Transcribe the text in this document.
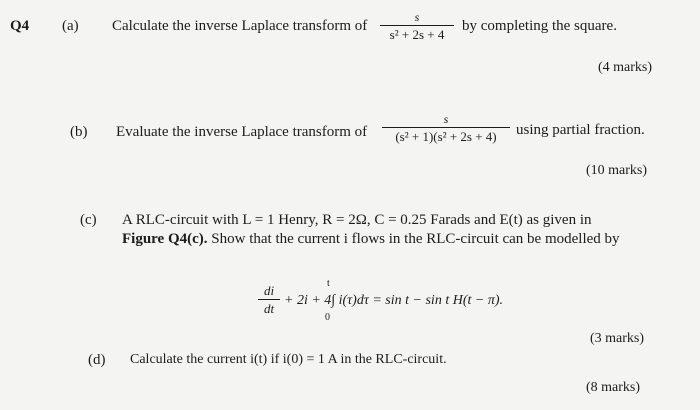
Q4 (a) Calculate the inverse Laplace transform of
s
s² + 2s + 4
by completing the square.
(4 marks)
(b) Evaluate the inverse Laplace transform of
s
(s² + 1)(s² + 2s + 4)	using partial fraction.
(10 marks)
(c) A RLC-circuit with L = 1 Henry, R = 2Ω, C = 0.25 Farads and E(t) as given in
Figure Q4(c). Show that the current i flows in the RLC-circuit can be modelled by
di
dt
t
0
+ 2i + 4∫ i(τ)dτ = sin t − sin t H(t − π).
(3 marks)
(d) Calculate the current i(t) if i(0) = 1 A in the RLC-circuit.
(8 marks)
